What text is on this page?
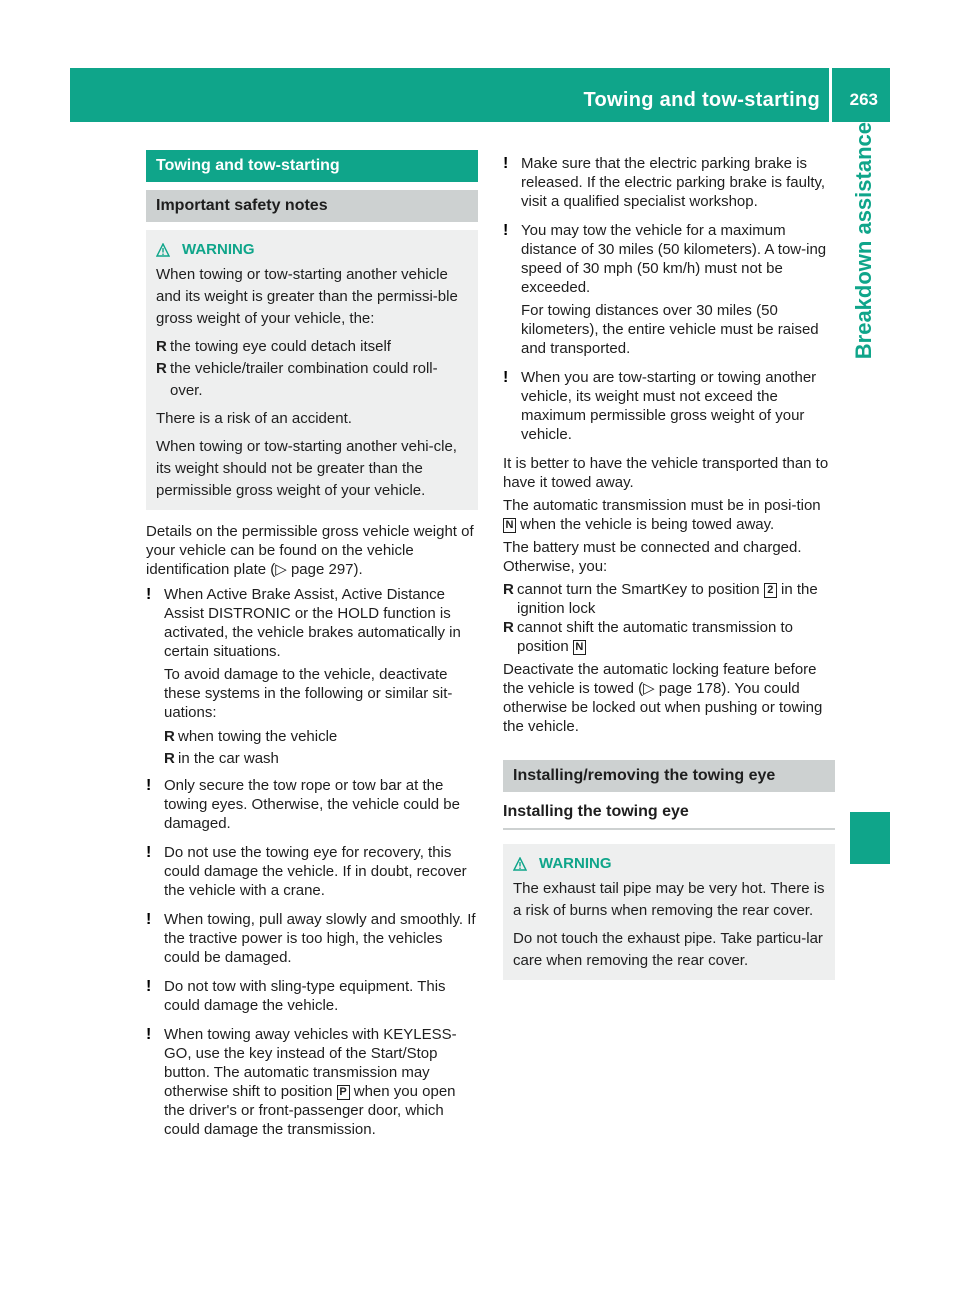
Towing and tow-starting 263
Breakdown assistance
Towing and tow-starting
Important safety notes
WARNING

When towing or tow-starting another vehicle and its weight is greater than the permissi-ble gross weight of your vehicle, the:

R the towing eye could detach itself
R the vehicle/trailer combination could roll-over.

There is a risk of an accident.

When towing or tow-starting another vehi-cle, its weight should not be greater than the permissible gross weight of your vehicle.

Details on the permissible gross vehicle weight of your vehicle can be found on the vehicle identification plate (▷ page 297).

! When Active Brake Assist, Active Distance Assist DISTRONIC or the HOLD function is activated, the vehicle brakes automatically in certain situations.

To avoid damage to the vehicle, deactivate these systems in the following or similar sit-uations:

R when towing the vehicle
R in the car wash
! Only secure the tow rope or tow bar at the towing eyes. Otherwise, the vehicle could be damaged.

! Do not use the towing eye for recovery, this could damage the vehicle. If in doubt, recover the vehicle with a crane.

! When towing, pull away slowly and smoothly. If the tractive power is too high, the vehicles could be damaged.

! Do not tow with sling-type equipment. This could damage the vehicle.

! When towing away vehicles with KEYLESS-GO, use the key instead of the Start/Stop button. The automatic transmission may otherwise shift to position P when you open the driver's or front-passenger door, which could damage the transmission.

! Make sure that the electric parking brake is released. If the electric parking brake is faulty, visit a qualified specialist workshop.

! You may tow the vehicle for a maximum distance of 30 miles (50 kilometers). A tow-ing speed of 30 mph (50 km/h) must not be exceeded.

For towing distances over 30 miles (50 kilometers), the entire vehicle must be raised and transported.

! When you are tow-starting or towing another vehicle, its weight must not exceed the maximum permissible gross weight of your vehicle.

It is better to have the vehicle transported than to have it towed away.

The automatic transmission must be in posi-tion N when the vehicle is being towed away.

The battery must be connected and charged. Otherwise, you:

R cannot turn the SmartKey to position 2 in the ignition lock
R cannot shift the automatic transmission to position N

Deactivate the automatic locking feature before the vehicle is towed (▷ page 178). You could otherwise be locked out when pushing or towing the vehicle.

Installing/removing the towing eye
Installing the towing eye
WARNING

The exhaust tail pipe may be very hot. There is a risk of burns when removing the rear cover.

Do not touch the exhaust pipe. Take particu-lar care when removing the rear cover.
